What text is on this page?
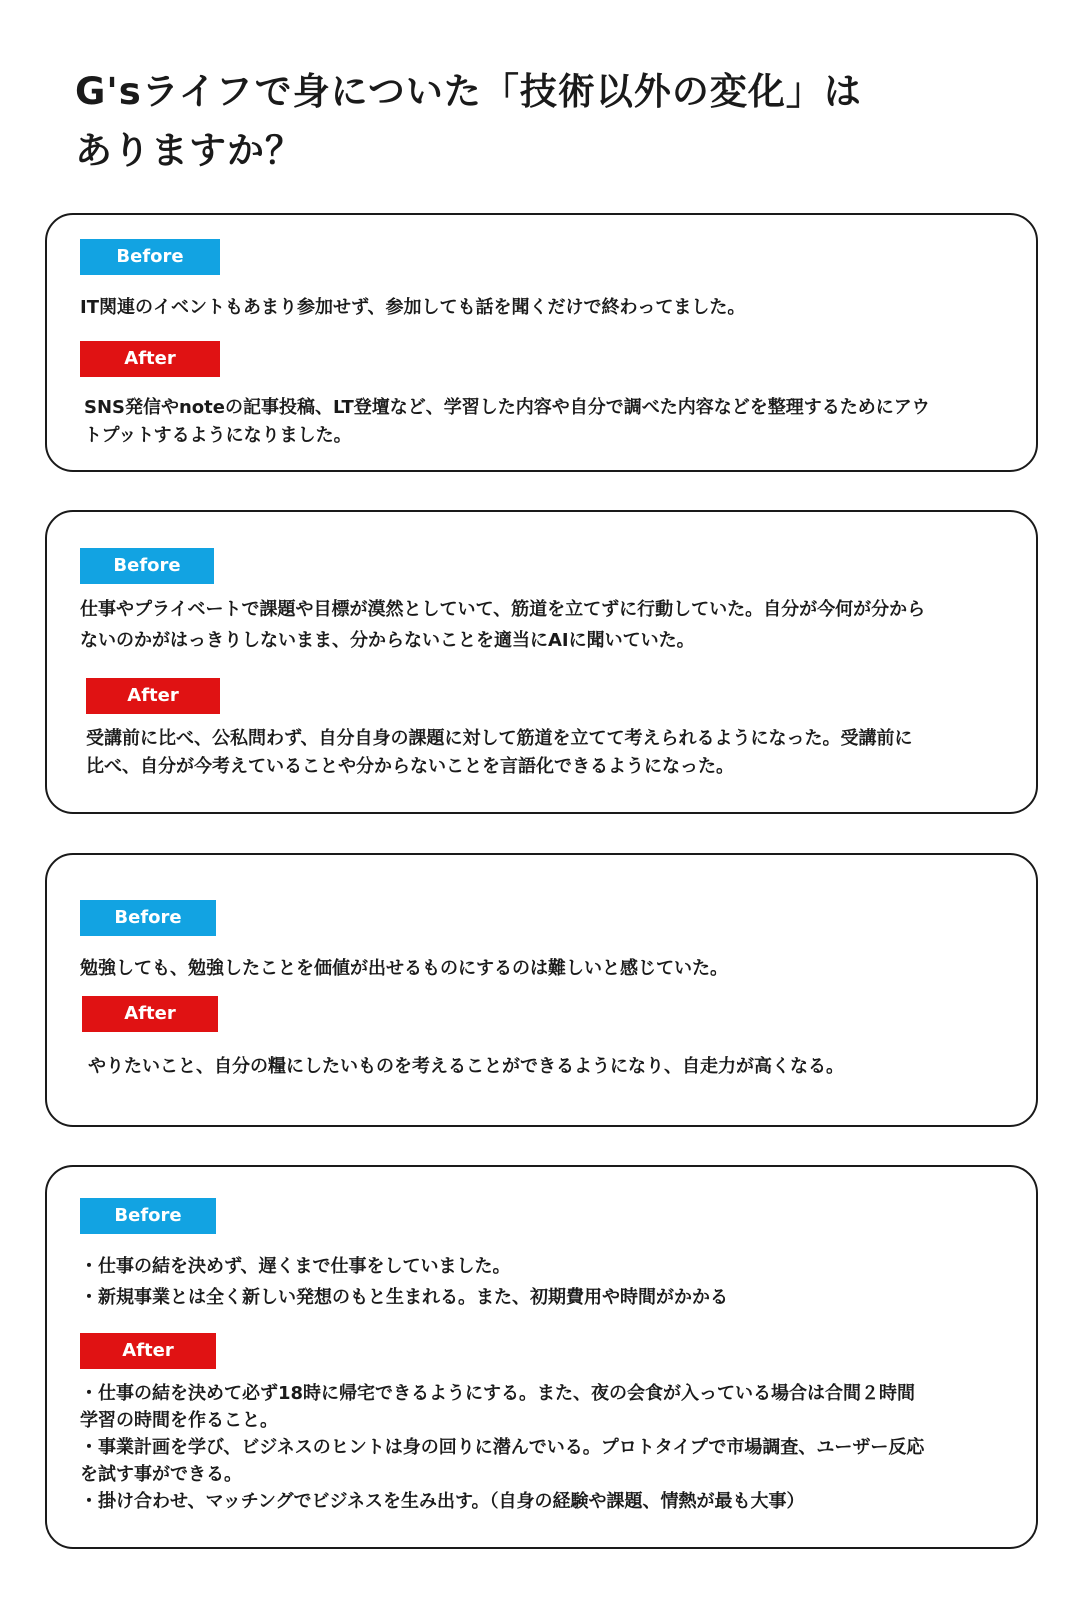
G'sライフで身についた「技術以外の変化」は
ありますか？
Before

IT関連のイベントもあまり参加せず、参加しても話を聞くだけで終わってました。

After

SNS発信やnoteの記事投稿、LT登壇など、学習した内容や自分で調べた内容などを整理するためにアウ
トプットするようになりました。

Before

仕事やプライベートで課題や目標が漠然としていて、筋道を立てずに行動していた。自分が今何が分から
ないのかがはっきりしないまま、分からないことを適当にAIに聞いていた。

After

受講前に比べ、公私問わず、自分自身の課題に対して筋道を立てて考えられるようになった。受講前に
比べ、自分が今考えていることや分からないことを言語化できるようになった。

Before

勉強しても、勉強したことを価値が出せるものにするのは難しいと感じていた。

After

やりたいこと、自分の糧にしたいものを考えることができるようになり、自走力が高くなる。

Before

・仕事の結を決めず、遅くまで仕事をしていました。
・新規事業とは全く新しい発想のもと生まれる。また、初期費用や時間がかかる

After

・仕事の結を決めて必ず18時に帰宅できるようにする。また、夜の会食が入っている場合は合間２時間
学習の時間を作ること。
・事業計画を学び、ビジネスのヒントは身の回りに潜んでいる。プロトタイプで市場調査、ユーザー反応
を試す事ができる。
・掛け合わせ、マッチングでビジネスを生み出す。（自身の経験や課題、情熱が最も大事）
